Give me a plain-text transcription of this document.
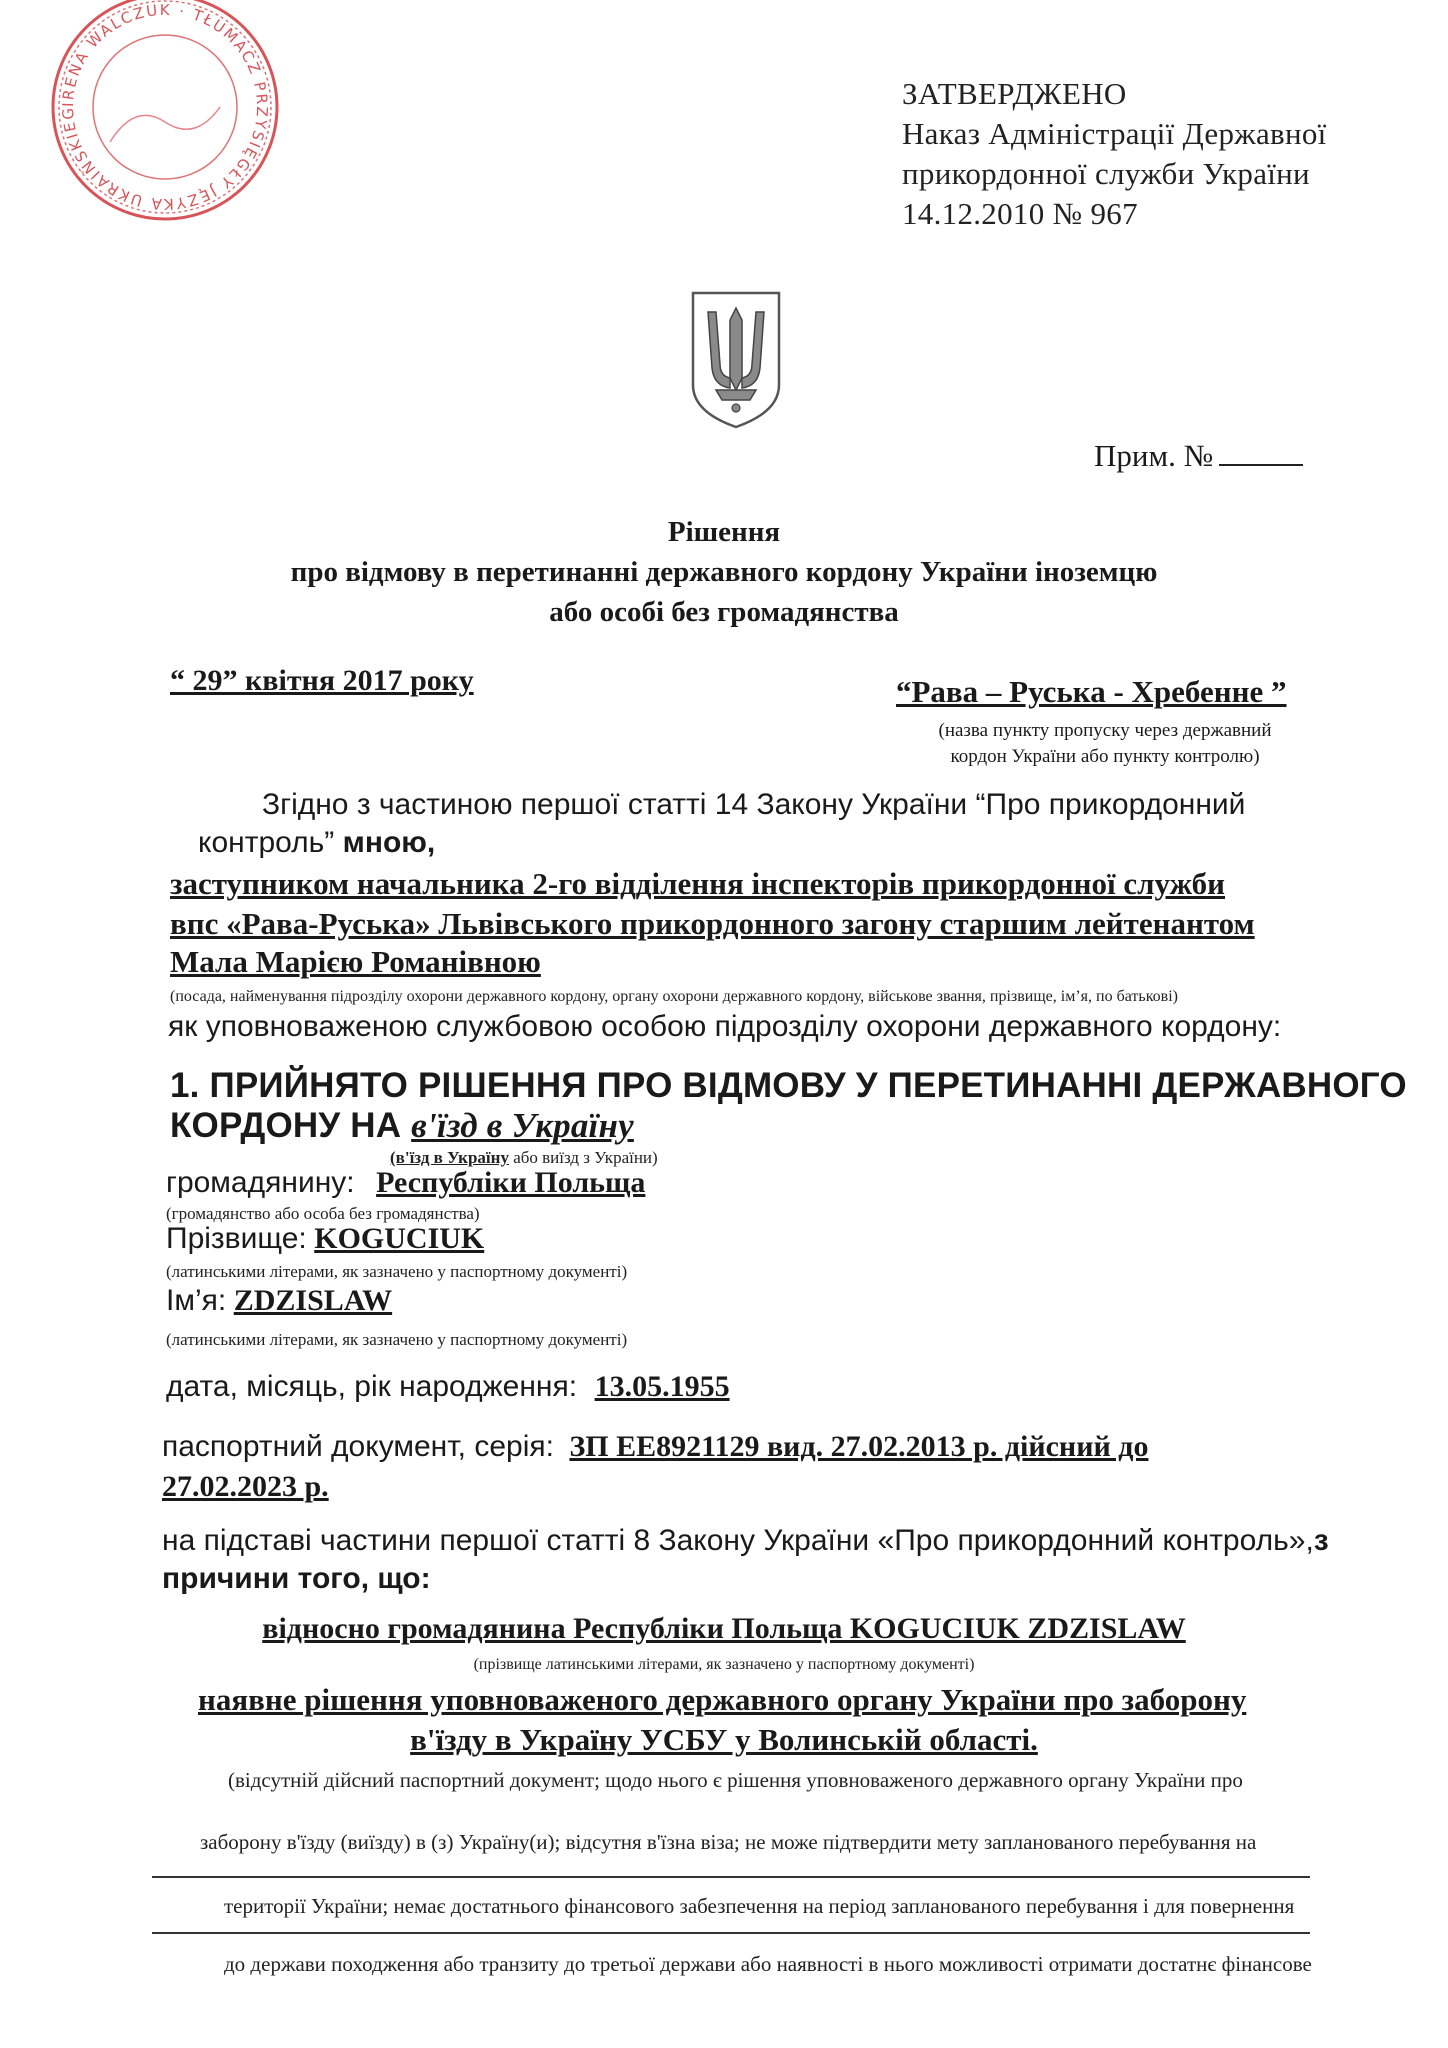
IRENA WALCZUK · TŁUMACZ PRZYSIĘGŁY JĘZYKA UKRAIŃSKIEG
ЗАТВЕРДЖЕНО
Наказ Адміністрації Державної
прикордонної служби України
14.12.2010 № 967
Прим. №
Рішення
про відмову в перетинанні державного кордону України іноземцю
або особі без громадянства
“ 29” квітня 2017 року	“Рава – Руська - Хребенне ”
(назва пункту пропуску через державний
кордон України або пункту контролю)
Згідно з частиною першої статті 14 Закону України “Про прикордонний
контроль” мною,
заступником начальника 2-го відділення інспекторів прикордонної служби
впс «Рава-Руська» Львівського прикордонного загону старшим лейтенантом
Мала Марією Романівною
(посада, найменування підрозділу охорони державного кордону, органу охорони державного кордону, військове звання, прізвище, ім’я, по батькові)
як уповноваженою службовою особою підрозділу охорони державного кордону:
1. ПРИЙНЯТО РІШЕННЯ ПРО ВІДМОВУ У ПЕРЕТИНАННІ ДЕРЖАВНОГО
КОРДОНУ НА в'їзд в Україну
(в'їзд в Україну або виїзд з України)
громадянину: Республіки Польща
(громадянство або особа без громадянства)
Прізвище: KOGUCIUK
(латинськими літерами, як зазначено у паспортному документі)
Ім’я: ZDZISLAW
(латинськими літерами, як зазначено у паспортному документі)
дата, місяць, рік народження: 13.05.1955
паспортний документ, серія: ЗП ЕЕ8921129 вид. 27.02.2013 р. дійсний до
27.02.2023 р.
на підставі частини першої статті 8 Закону України «Про прикордонний контроль»,з
причини того, що:
відносно громадянина Республіки Польща KOGUCIUK ZDZISLAW
(прізвище латинськими літерами, як зазначено у паспортному документі)
наявне рішення уповноваженого державного органу України про заборону
в'їзду в Україну УСБУ у Волинській області.
(відсутній дійсний паспортний документ; щодо нього є рішення уповноваженого державного органу України про
заборону в'їзду (виїзду) в (з) Україну(и); відсутня в'їзна віза; не може підтвердити мету запланованого перебування на
території України; немає достатнього фінансового забезпечення на період запланованого перебування і для повернення
до держави походження або транзиту до третьої держави або наявності в нього можливості отримати достатнє фінансове
